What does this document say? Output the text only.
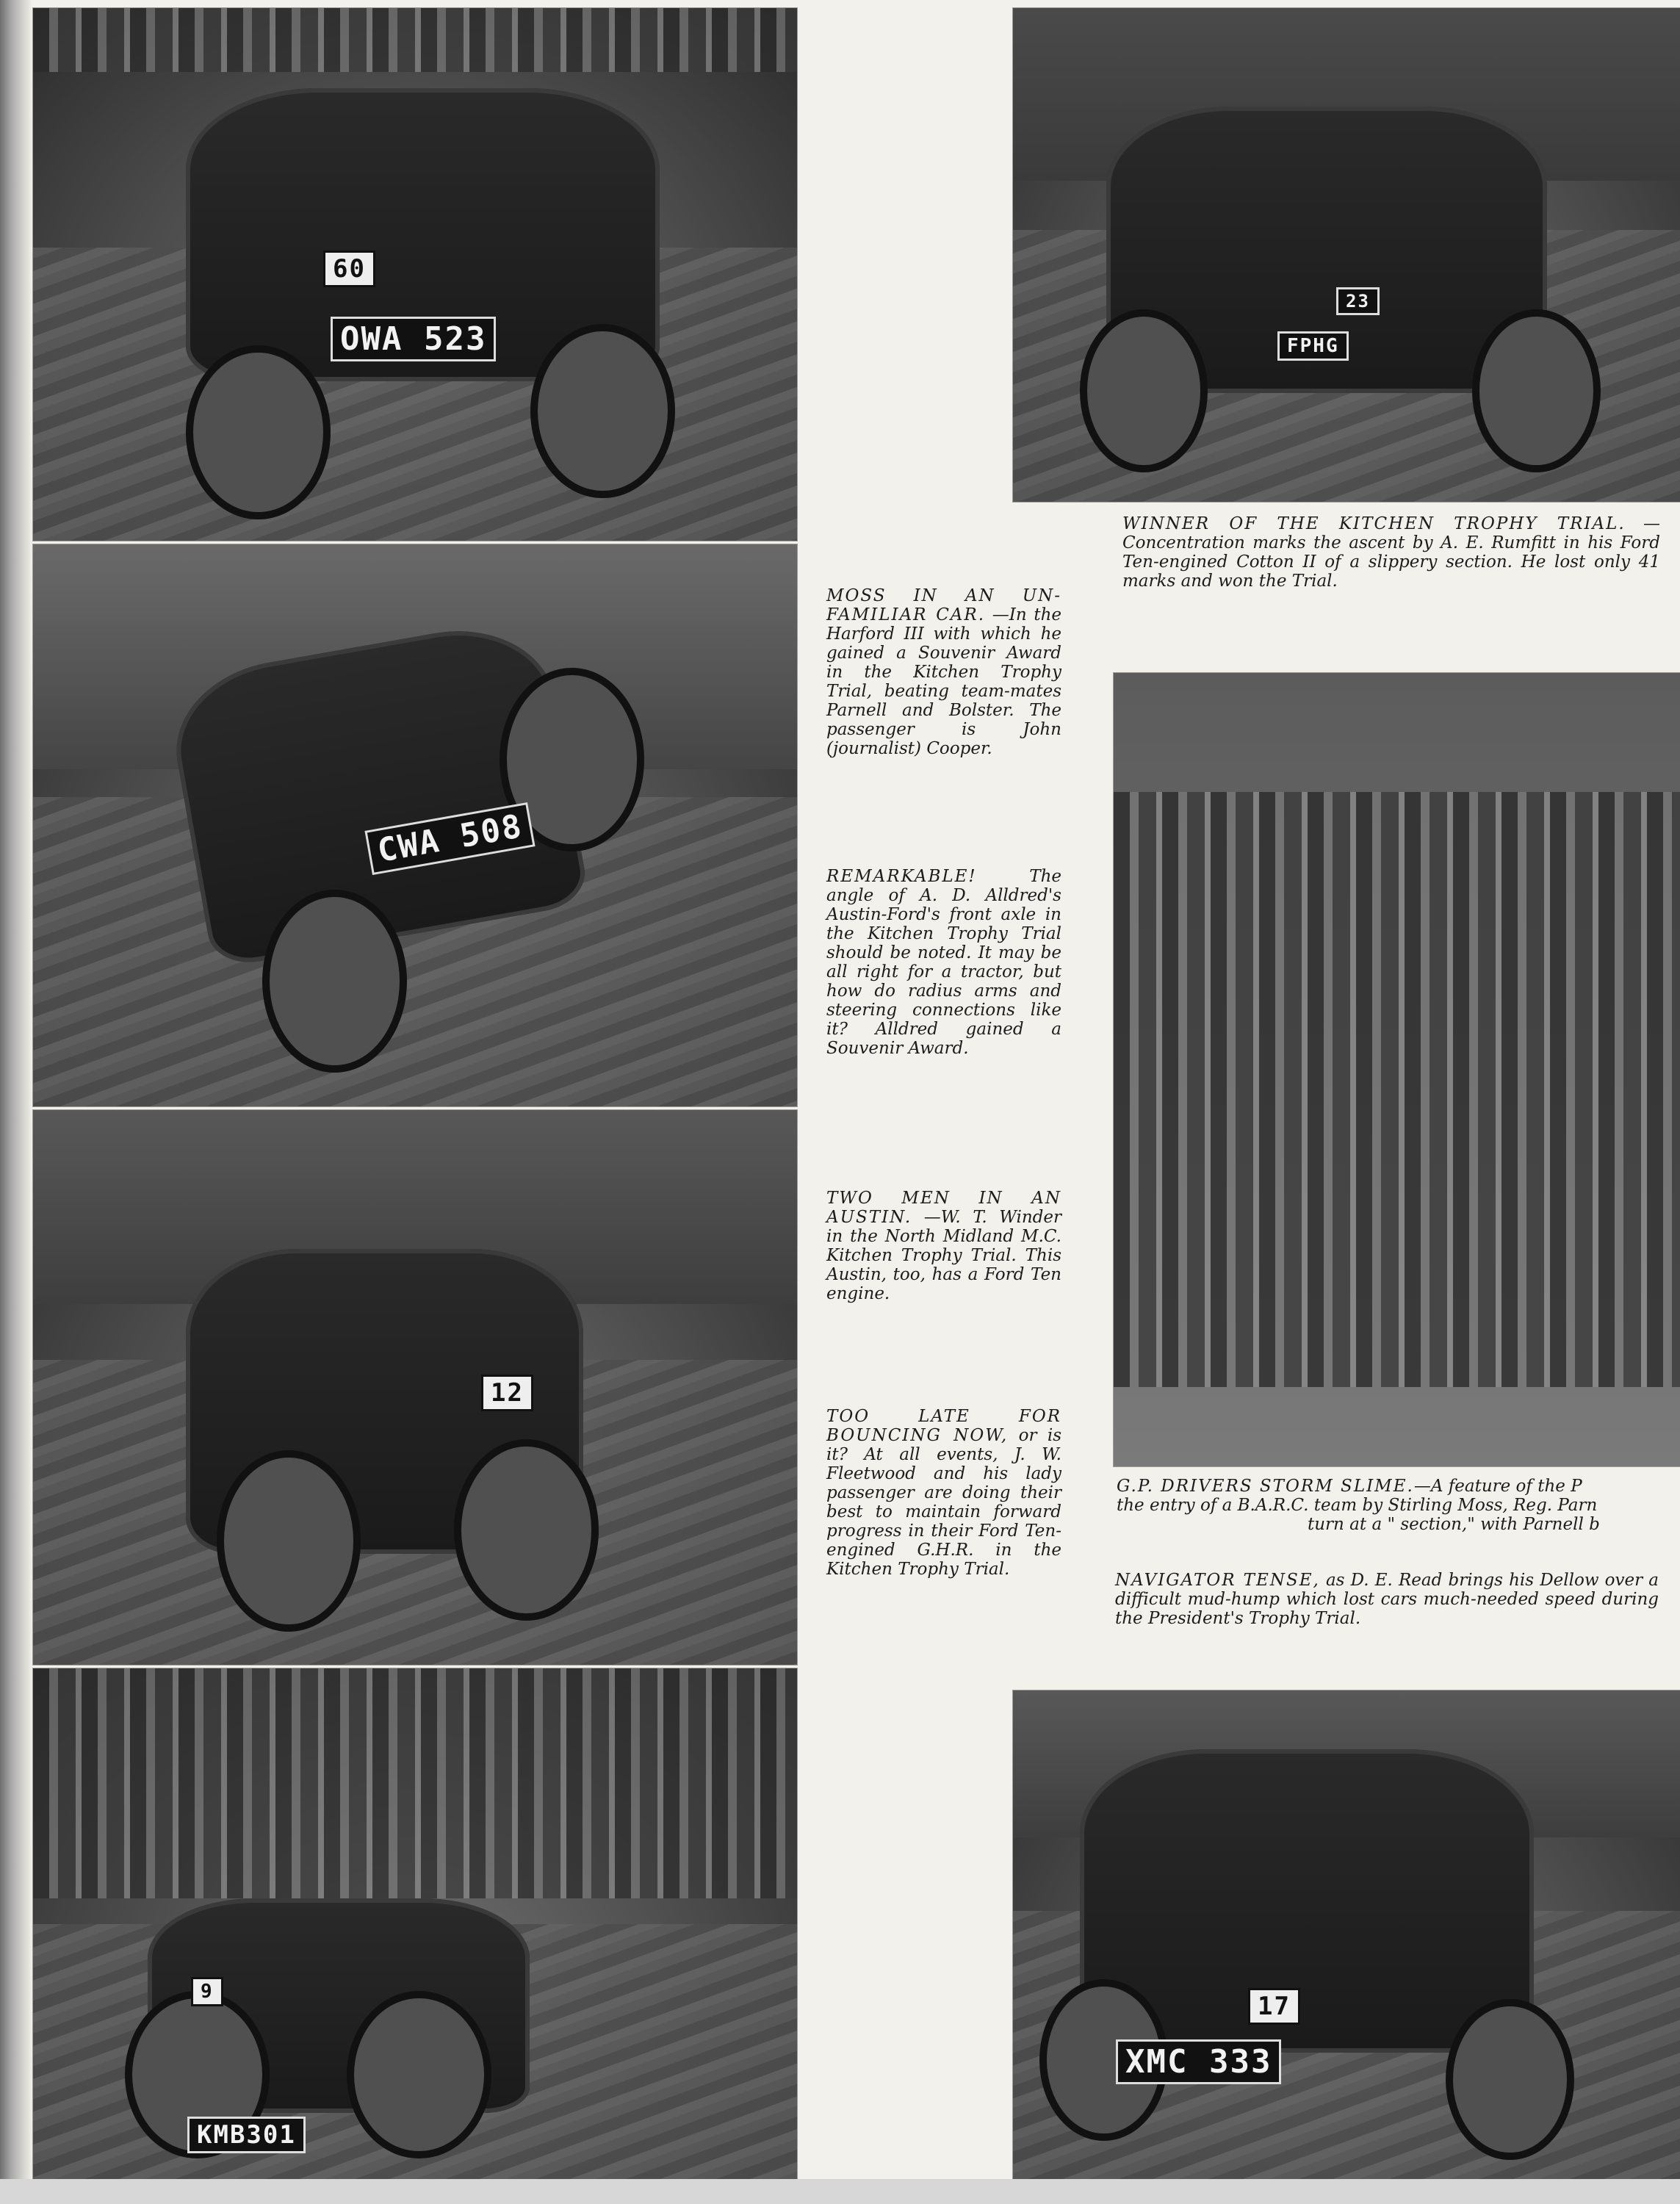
OWA 523
60
CWA 508
12
KMB301
9
FPHG
23
XMC 333
17
MOSS IN AN UN-FAMILIAR CAR. —In the Harford III with which he gained a Souvenir Award in the Kitchen Trophy Trial, beating team-mates Parnell and Bolster. The passenger is John (journalist) Cooper.
REMARKABLE!	The angle of A. D. Alldred's Austin-Ford's front axle in the Kitchen Trophy Trial should be noted. It may be all right for a tractor, but how do radius arms and steering connections like it? Alldred gained a Souvenir Award.
TWO MEN IN AN AUSTIN. —W. T. Winder in the North Midland M.C. Kitchen Trophy Trial. This Austin, too, has a Ford Ten engine.
TOO LATE FOR BOUNCING NOW, or is it? At all events, J. W. Fleetwood and his lady passenger are doing their best to maintain forward progress in their Ford Ten-engined G.H.R. in the Kitchen Trophy Trial.
WINNER OF THE KITCHEN TROPHY TRIAL. —Concentration marks the ascent by A. E. Rumfitt in his Ford Ten-engined Cotton II of a slippery section. He lost only 41 marks and won the Trial.
G.P. DRIVERS STORM SLIME.—A feature of the P
the entry of a B.A.R.C. team by Stirling Moss, Reg. Parn
turn at a " section," with Parnell b
NAVIGATOR TENSE, as D. E. Read brings his Dellow over a difficult mud-hump which lost cars much-needed speed during the President's Trophy Trial.
